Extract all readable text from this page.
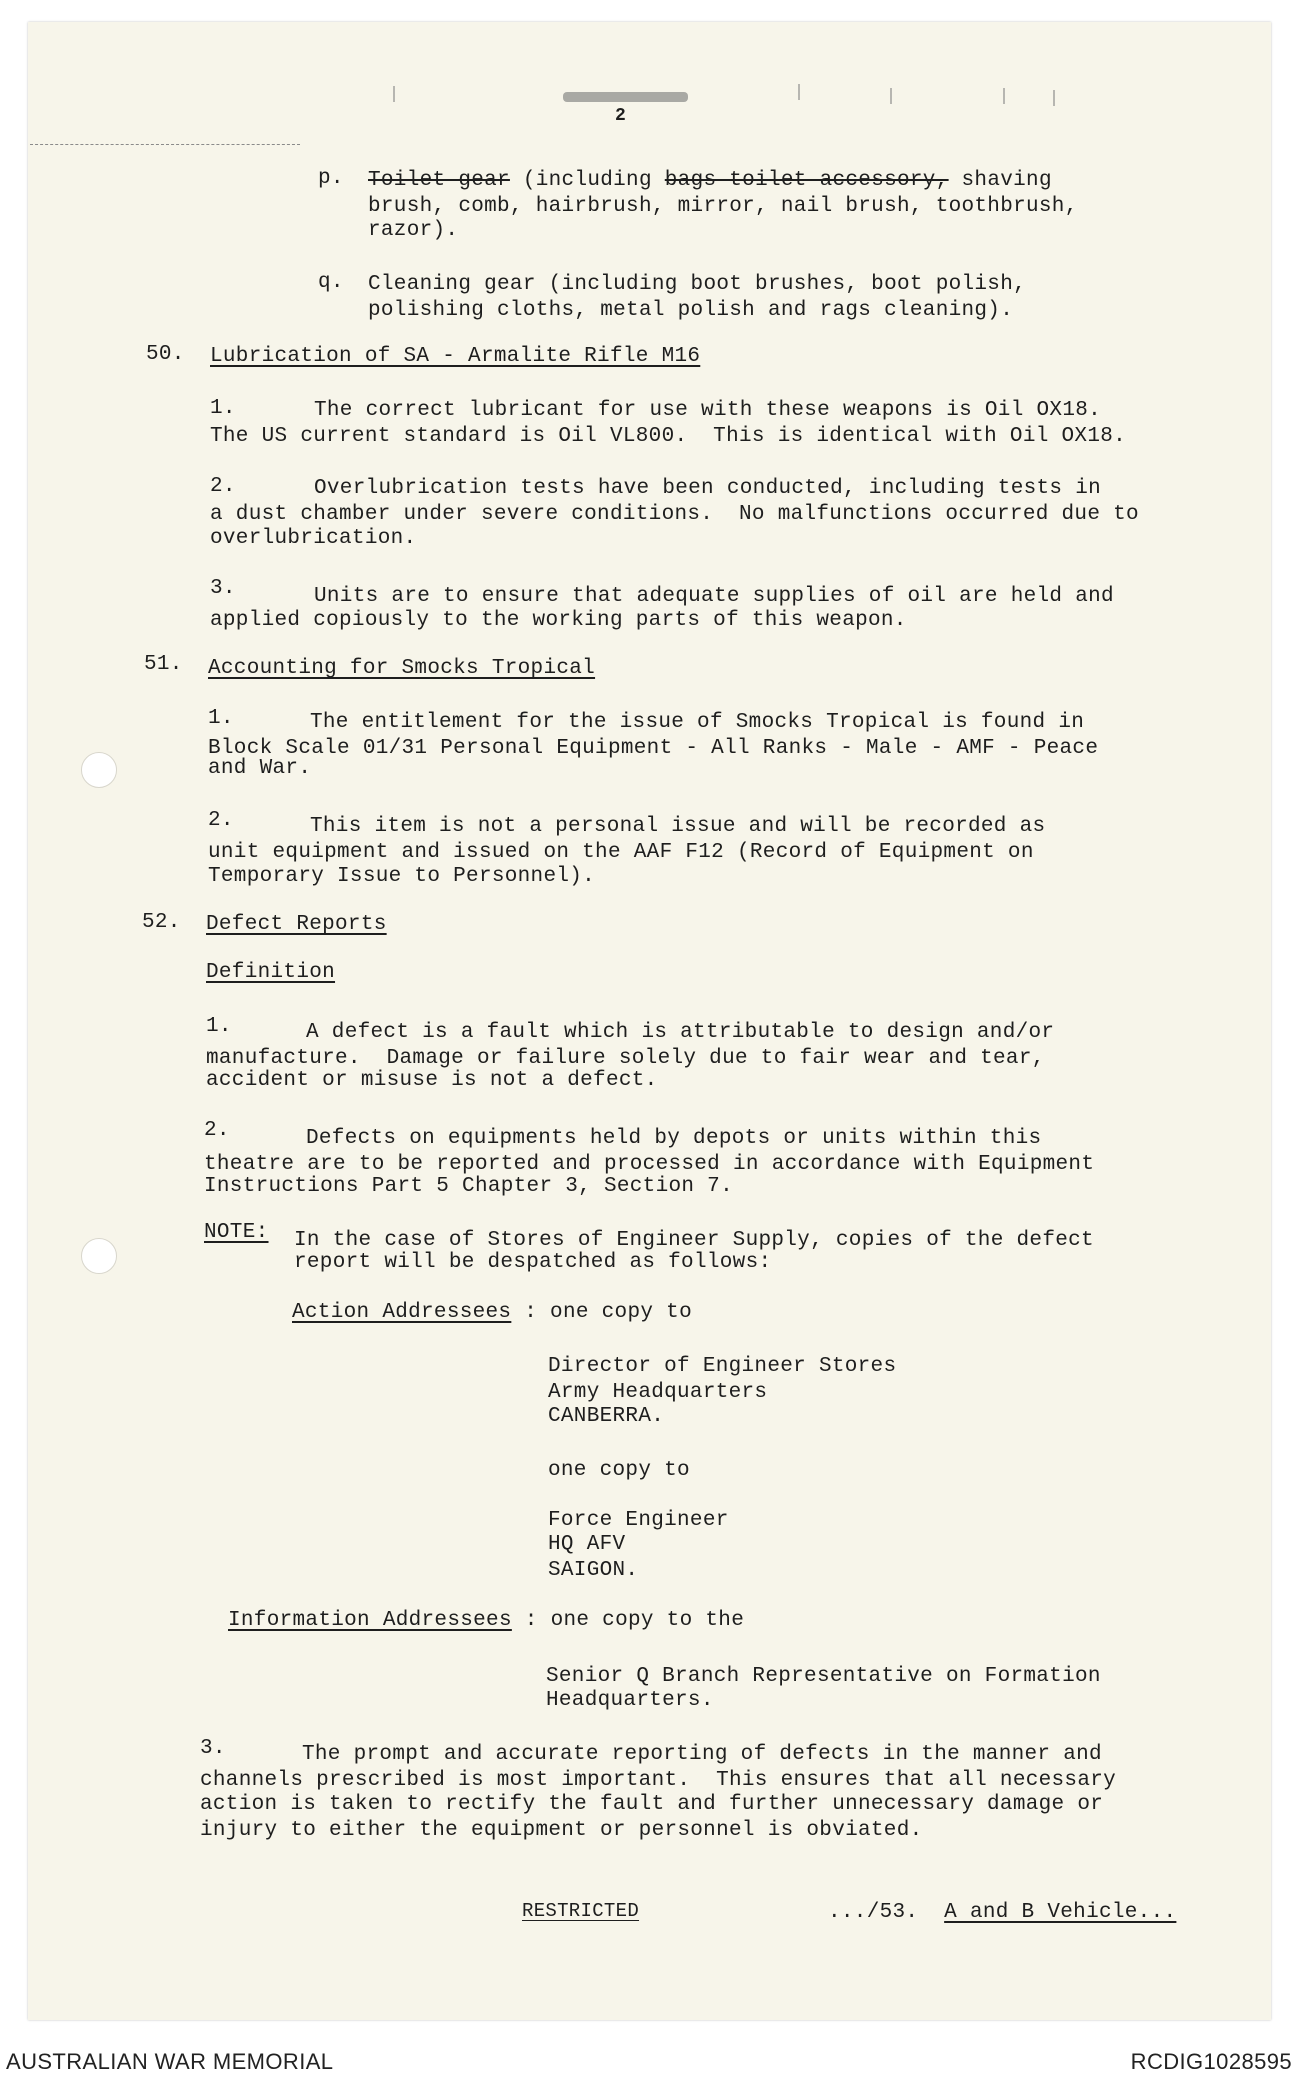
2
p. Toilet gear (including bags toilet accessory, shaving
brush, comb, hairbrush, mirror, nail brush, toothbrush,
razor).
q. Cleaning gear (including boot brushes, boot polish,
polishing cloths, metal polish and rags cleaning).
50. Lubrication of SA - Armalite Rifle M16
1.	The correct lubricant for use with these weapons is Oil OX18.
The US current standard is Oil VL800.  This is identical with Oil OX18.
2.	Overlubrication tests have been conducted, including tests in
a dust chamber under severe conditions.  No malfunctions occurred due to
overlubrication.
3.	Units are to ensure that adequate supplies of oil are held and
applied copiously to the working parts of this weapon.
51. Accounting for Smocks Tropical
1.	The entitlement for the issue of Smocks Tropical is found in
Block Scale 01/31 Personal Equipment - All Ranks - Male - AMF - Peace
and War.
2.	This item is not a personal issue and will be recorded as
unit equipment and issued on the AAF F12 (Record of Equipment on
Temporary Issue to Personnel).
52. Defect Reports
Definition
1.	A defect is a fault which is attributable to design and/or
manufacture.  Damage or failure solely due to fair wear and tear,
accident or misuse is not a defect.
2.	Defects on equipments held by depots or units within this
theatre are to be reported and processed in accordance with Equipment
Instructions Part 5 Chapter 3, Section 7.
NOTE: In the case of Stores of Engineer Supply, copies of the defect
report will be despatched as follows:
Action Addressees : one copy to
Director of Engineer Stores
Army Headquarters
CANBERRA.
one copy to
Force Engineer
HQ AFV
SAIGON.
Information Addressees : one copy to the
Senior Q Branch Representative on Formation
Headquarters.
3.	The prompt and accurate reporting of defects in the manner and
channels prescribed is most important.  This ensures that all necessary
action is taken to rectify the fault and further unnecessary damage or
injury to either the equipment or personnel is obviated.
RESTRICTED	.../53. A and B Vehicle...
AUSTRALIAN WAR MEMORIAL	RCDIG1028595
